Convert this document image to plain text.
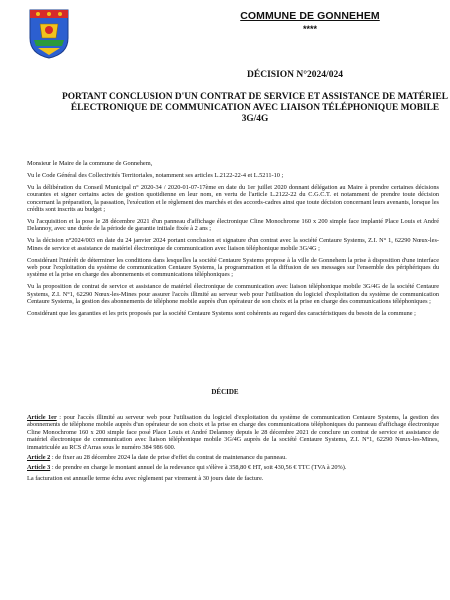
COMMUNE DE GONNEHEM
****
DÉCISION N°2024/024
PORTANT CONCLUSION D'UN CONTRAT DE SERVICE ET ASSISTANCE DE MATÉRIEL ÉLECTRONIQUE DE COMMUNICATION AVEC LIAISON TÉLÉPHONIQUE MOBILE 3G/4G

Monsieur le Maire de la commune de Gonnehem,

Vu le Code Général des Collectivités Territoriales, notamment ses articles L.2122-22-4 et L.5211-10 ;

Vu la délibération du Conseil Municipal n° 2020-34 / 2020-01-07-17ème en date du 1er juillet 2020 donnant délégation au Maire à prendre certaines décisions courantes et signer certains actes de gestion quotidienne en leur nom, en vertu de l'article L.2122-22 du C.G.C.T. et notamment de prendre toute décision concernant la préparation, la passation, l'exécution et le règlement des marchés et des accords-cadres ainsi que toute décision concernant leurs avenants, lorsque les crédits sont inscrits au budget ;

Vu l'acquisition et la pose le 28 décembre 2021 d'un panneau d'affichage électronique Cline Monochrome 160 x 200 simple face implanté Place Louis et André Delannoy, avec une durée de la période de garantie initiale fixée à 2 ans ;

Vu la décision n°2024/003 en date du 24 janvier 2024 portant conclusion et signature d'un contrat avec la société Centaure Systems, Z.I. N° 1, 62290 Nœux-les-Mines de service et assistance de matériel électronique de communication avec liaison téléphonique mobile 3G/4G ;

Considérant l'intérêt de déterminer les conditions dans lesquelles la société Centaure Systems propose à la ville de Gonnehem la prise à disposition d'une interface web pour l'exploitation du système de communication Centaure Systems, la programmation et la diffusion de ses messages sur l'ensemble des périphériques du système et la prise en charge des abonnements et communications téléphoniques ;

Vu la proposition de contrat de service et assistance de matériel électronique de communication avec liaison téléphonique mobile 3G/4G de la société Centaure Systems, Z.I. N°1, 62290 Nœux-les-Mines pour assurer l'accès illimité au serveur web pour l'utilisation du logiciel d'exploitation du système de communication Centaure Systems, la gestion des abonnements de téléphone mobile auprès d'un opérateur de son choix et la prise en charge des communications téléphoniques ;

Considérant que les garanties et les prix proposés par la société Centaure Systems sont cohérents au regard des caractéristiques du besoin de la commune ;

DÉCIDE

Article 1er : pour l'accès illimité au serveur web pour l'utilisation du logiciel d'exploitation du système de communication Centaure Systems, la gestion des abonnements de téléphone mobile auprès d'un opérateur de son choix et la prise en charge des communications téléphoniques du panneau d'affichage électronique Cline Monochrome 160 x 200 simple face posé Place Louis et André Delannoy depuis le 28 décembre 2021 de conclure un contrat de service et assistance de matériel électronique de communication avec liaison téléphonique mobile 3G/4G auprès de la société Centaure Systems, Z.I. N°1, 62290 Nœux-les-Mines, immatriculée au RCS d'Arras sous le numéro 384 986 600.

Article 2 : de fixer au 28 décembre 2024 la date de prise d'effet du contrat de maintenance du panneau.

Article 3 : de prendre en charge le montant annuel de la redevance qui s'élève à 358,80 € HT, soit 430,56 € TTC (TVA à 20%).

La facturation est annuelle terme échu avec règlement par virement à 30 jours date de facture.
